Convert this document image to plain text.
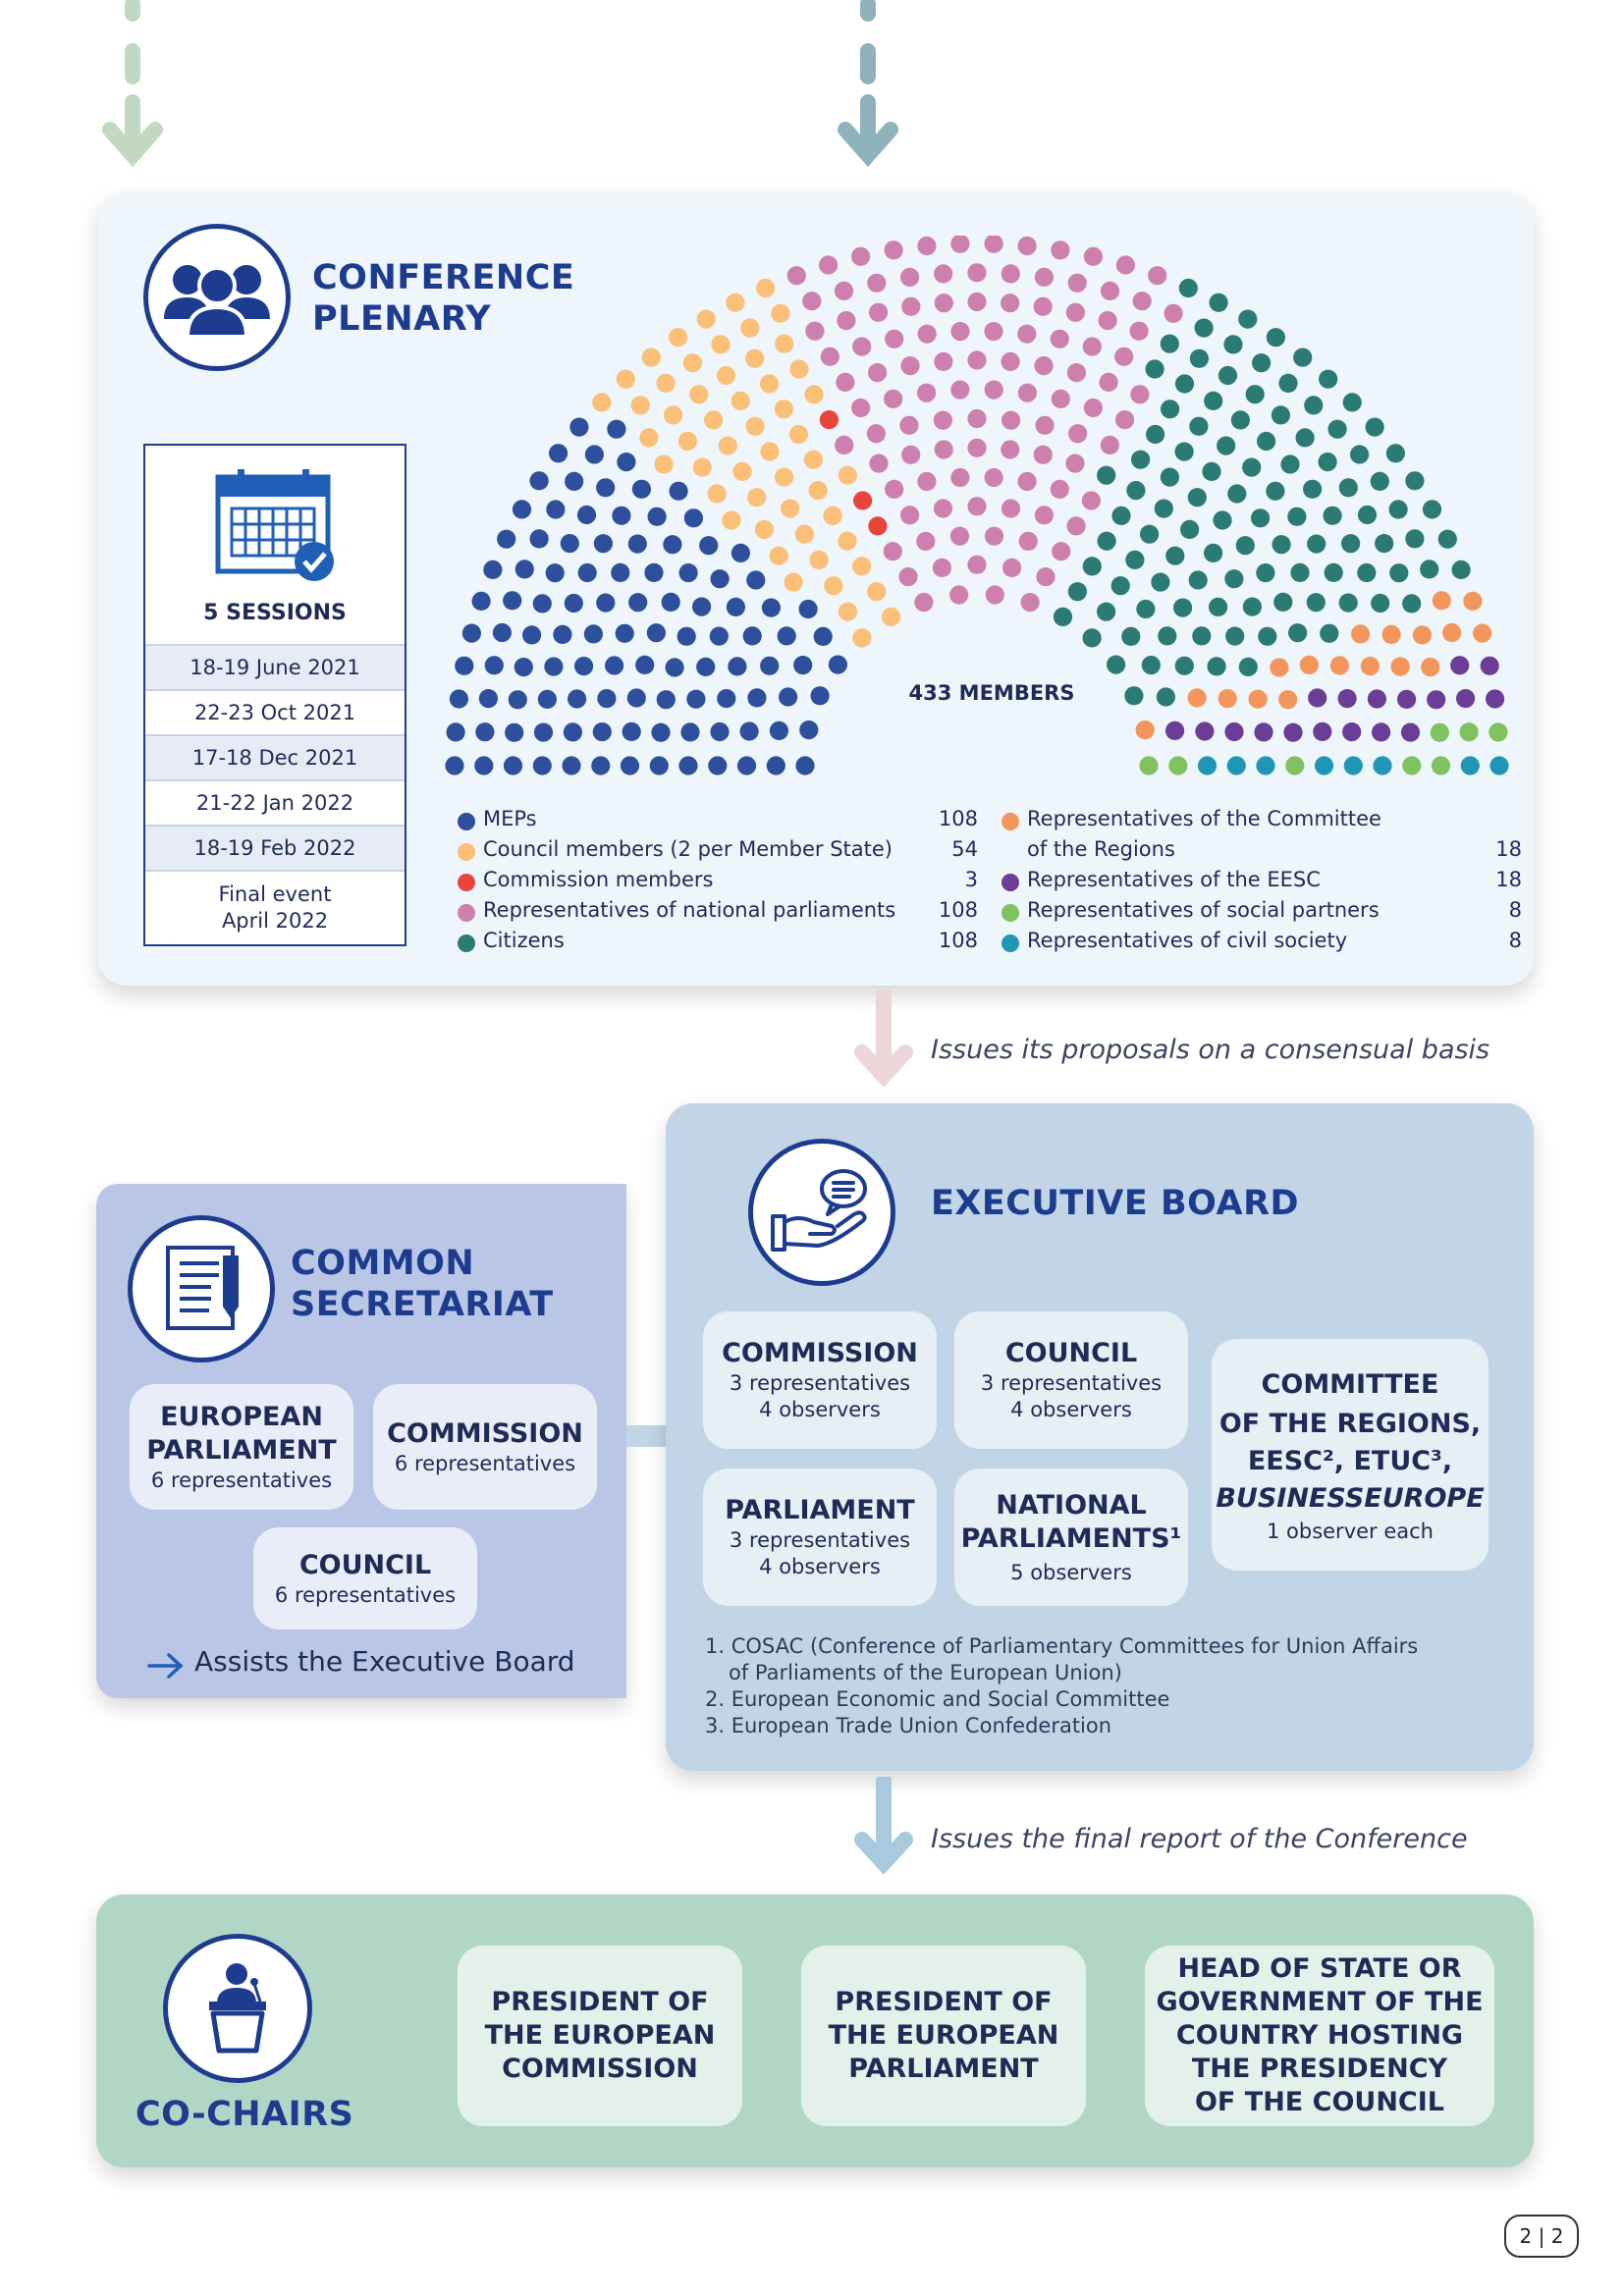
CONFERENCE
PLENARY
5 SESSIONS
18-19 June 2021
22-23 Oct 2021
17-18 Dec 2021
21-22 Jan 2022
18-19 Feb 2022
Final event
April 2022
433 MEMBERS
MEPs	108
Council members (2 per Member State)	54
Commission members	3
Representatives of national parliaments	108
Citizens	108
Representatives of the Committee
of the Regions	18
Representatives of the EESC	18
Representatives of social partners	8
Representatives of civil society	8
Issues its proposals on a consensual basis
COMMON
SECRETARIAT
EUROPEAN
PARLIAMENT
6 representatives
COMMISSION
6 representatives
COUNCIL
6 representatives
Assists the Executive Board
EXECUTIVE BOARD
COMMISSION
3 representatives
4 observers
COUNCIL
3 representatives
4 observers
PARLIAMENT
3 representatives
4 observers
NATIONAL
PARLIAMENTS¹
5 observers
COMMITTEE
OF THE REGIONS,
EESC², ETUC³,
BUSINESSEUROPE
1 observer each
1. COSAC (Conference of Parliamentary Committees for Union Affairs
of Parliaments of the European Union)
2. European Economic and Social Committee
3. European Trade Union Confederation
Issues the final report of the Conference
CO-CHAIRS
PRESIDENT OF
THE EUROPEAN
COMMISSION
PRESIDENT OF
THE EUROPEAN
PARLIAMENT
HEAD OF STATE OR
GOVERNMENT OF THE
COUNTRY HOSTING
THE PRESIDENCY
OF THE COUNCIL
2 | 2
